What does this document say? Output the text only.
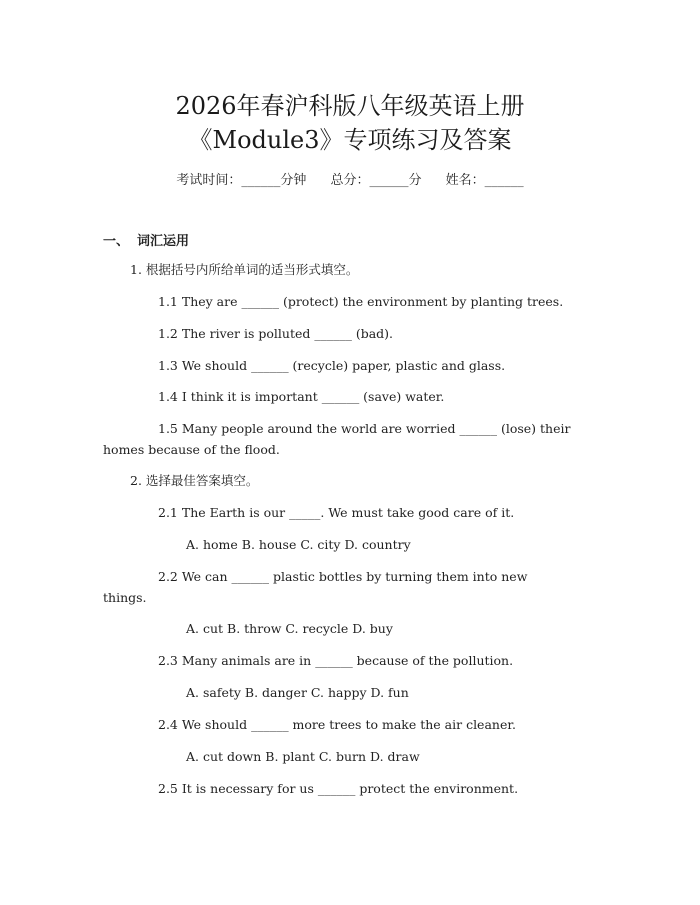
2026年春沪科版八年级英语上册
《Module3》专项练习及答案
考试时间：______分钟 总分：______分 姓名：______
一、 词汇运用
1. 根据括号内所给单词的适当形式填空。
1.1 They are ______ (protect) the environment by planting trees.
1.2 The river is polluted ______ (bad).
1.3 We should ______ (recycle) paper, plastic and glass.
1.4 I think it is important ______ (save) water.
1.5 Many people around the world are worried ______ (lose) their
homes because of the flood.
2. 选择最佳答案填空。
2.1 The Earth is our _____. We must take good care of it.
A. home B. house C. city D. country
2.2 We can ______ plastic bottles by turning them into new
things.
A. cut B. throw C. recycle D. buy
2.3 Many animals are in ______ because of the pollution.
A. safety B. danger C. happy D. fun
2.4 We should ______ more trees to make the air cleaner.
A. cut down B. plant C. burn D. draw
2.5 It is necessary for us ______ protect the environment.
